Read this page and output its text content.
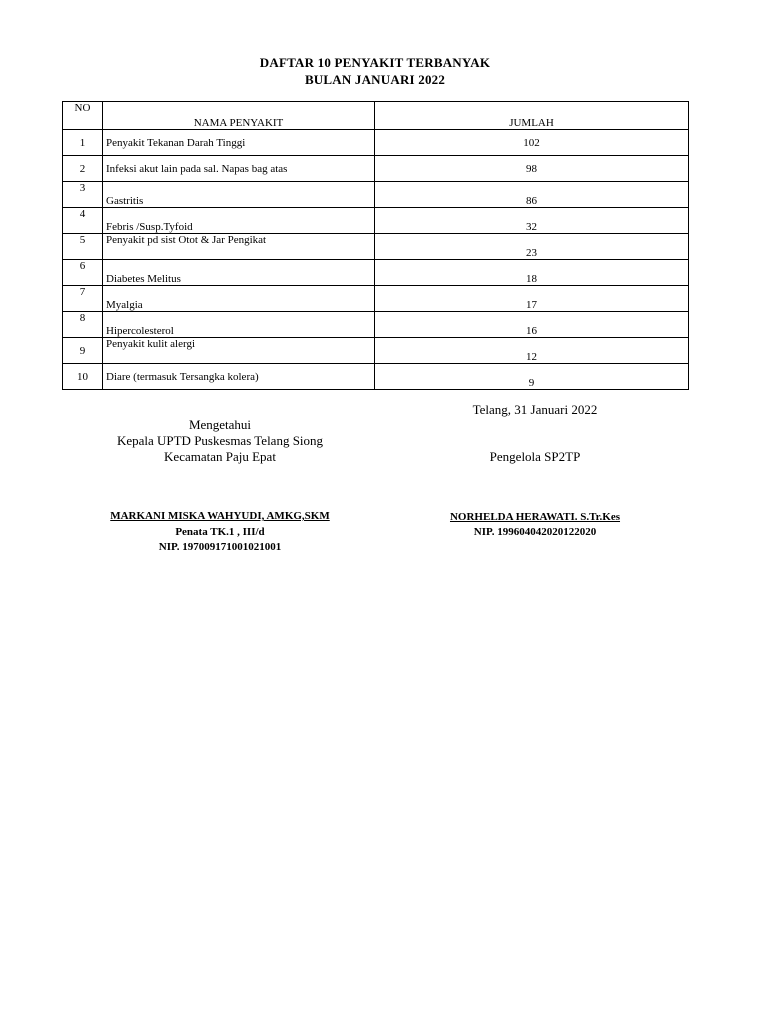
DAFTAR 10 PENYAKIT TERBANYAK
BULAN JANUARI 2022
NO	NAMA PENYAKIT	JUMLAH
1	Penyakit Tekanan Darah Tinggi	102
2	Infeksi akut lain pada sal. Napas bag atas	98
3	Gastritis	86
4	Febris /Susp.Tyfoid	32
5	Penyakit pd sist Otot & Jar Pengikat	23
6	Diabetes Melitus	18
7	Myalgia	17
8	Hipercolesterol	16
9	Penyakit kulit alergi	12
10	Diare (termasuk Tersangka kolera)	9
Telang, 31 Januari 2022
Mengetahui
Kepala UPTD Puskesmas Telang Siong
Kecamatan Paju Epat	Pengelola SP2TP
MARKANI MISKA WAHYUDI, AMKG,SKM
Penata TK.1 , III/d
NIP. 197009171001021001
NORHELDA HERAWATI. S.Tr.Kes
NIP. 199604042020122020
